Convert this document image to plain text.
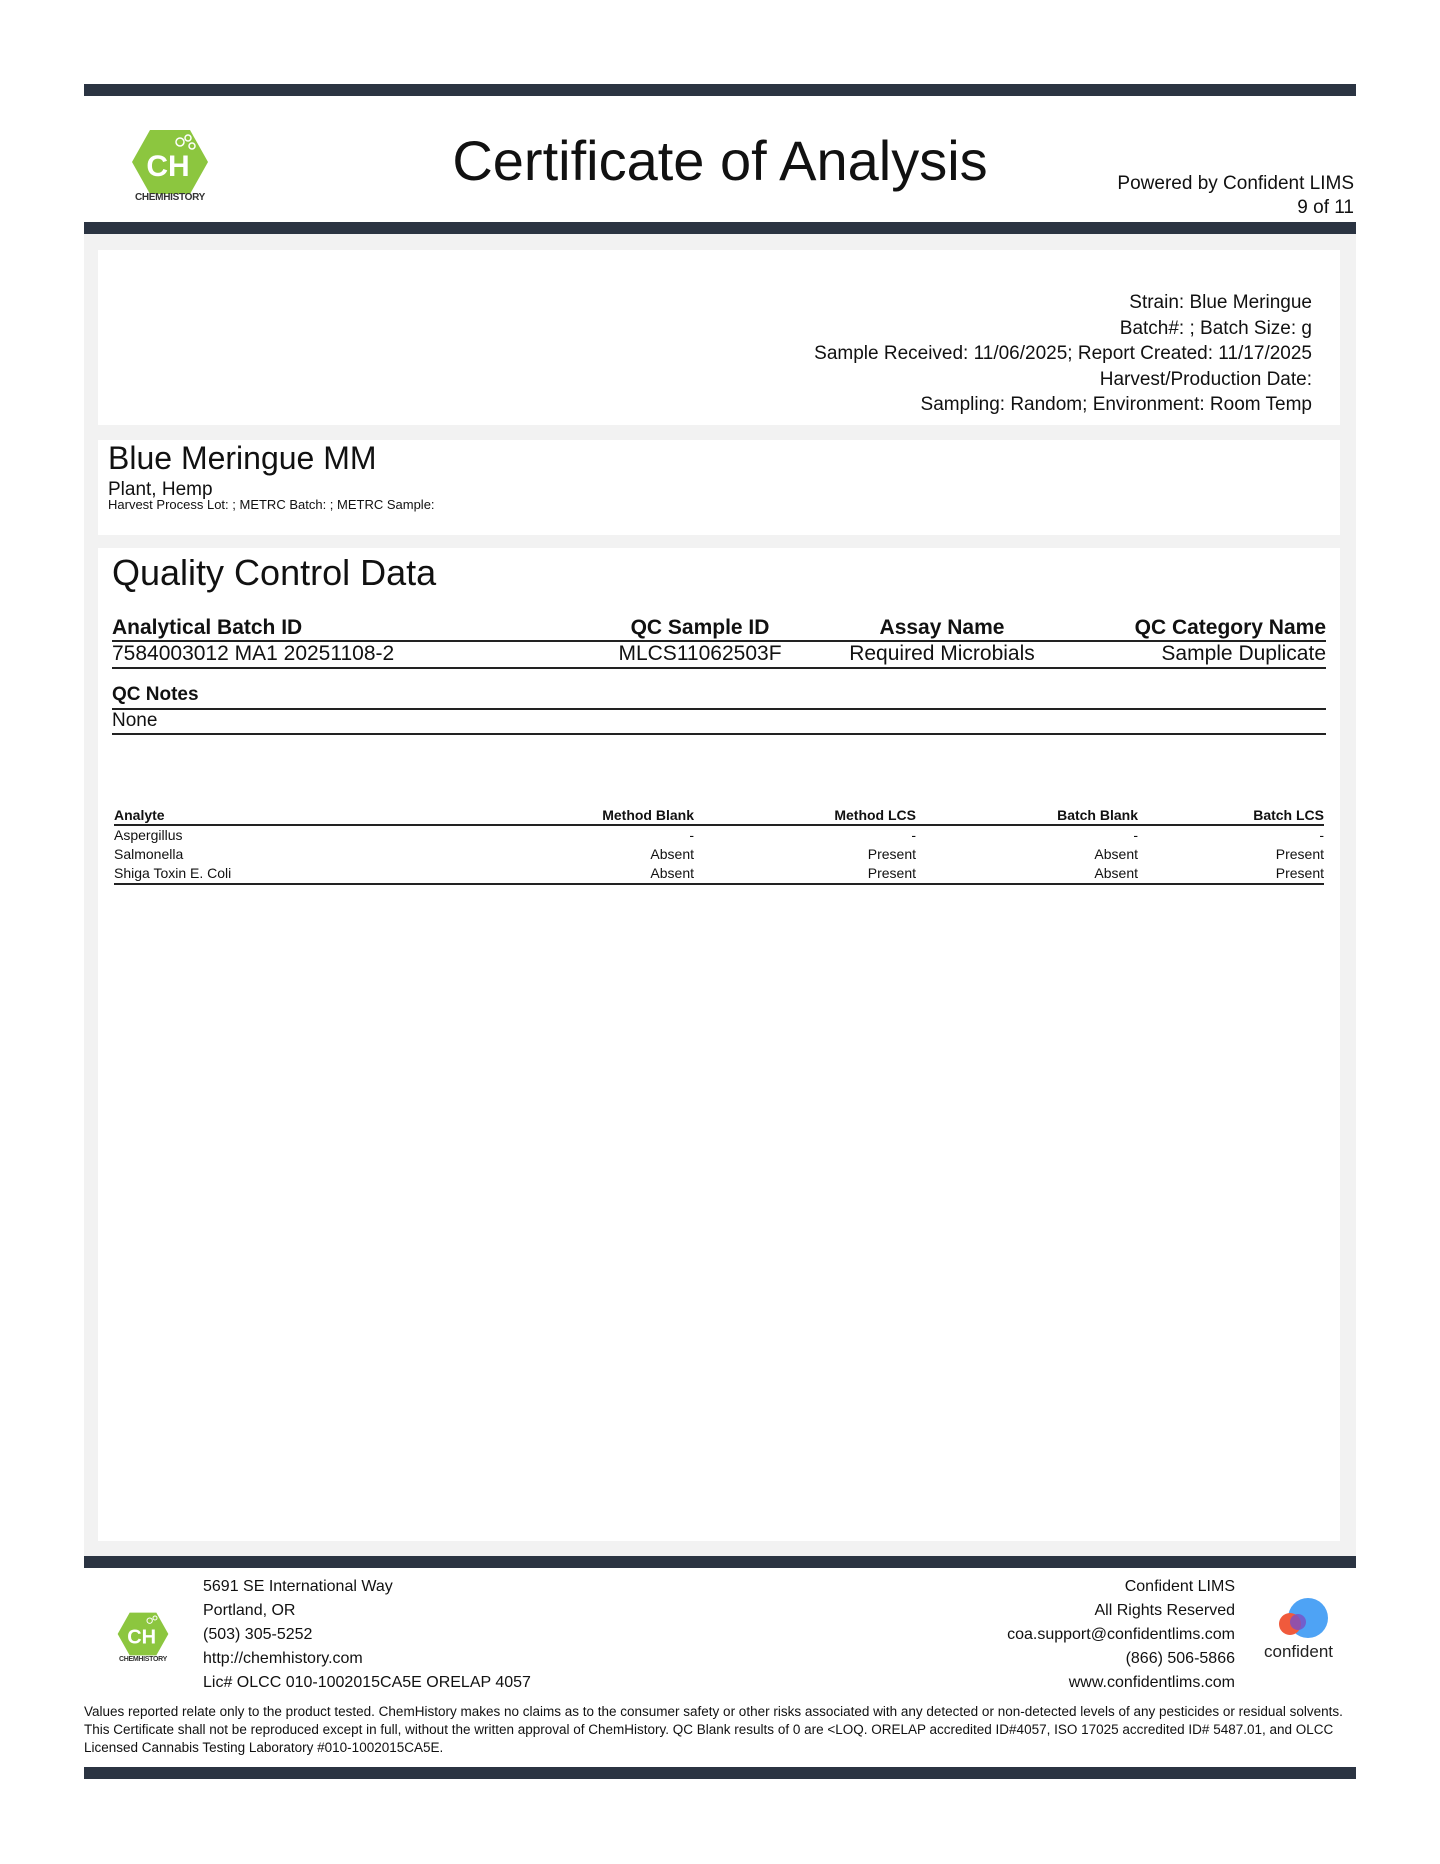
CH
CHEMHISTORY
Certificate of Analysis	Powered by Confident LIMS
9 of 11
Strain: Blue Meringue
Batch#: ; Batch Size: g
Sample Received: 11/06/2025; Report Created: 11/17/2025
Harvest/Production Date:
Sampling: Random; Environment: Room Temp
Blue Meringue MM
Plant, Hemp
Harvest Process Lot: ; METRC Batch: ; METRC Sample:
Quality Control Data
Analytical Batch ID	QC Sample ID	Assay Name	QC Category Name
7584003012 MA1 20251108-2	MLCS11062503F	Required Microbials	Sample Duplicate
QC Notes
None
Analyte	Method Blank	Method LCS	Batch Blank	Batch LCS
Aspergillus	-	-	-	-
Salmonella	Absent	Present	Absent	Present
Shiga Toxin E. Coli	Absent	Present	Absent	Present
CH
CHEMHISTORY
5691 SE International Way
Portland, OR
(503) 305-5252
http://chemhistory.com
Lic# OLCC 010-1002015CA5E ORELAP 4057
Confident LIMS
All Rights Reserved
coa.support@confidentlims.com
(866) 506-5866
www.confidentlims.com
confident
Values reported relate only to the product tested. ChemHistory makes no claims as to the consumer safety or other risks associated with any detected or non-detected levels of any pesticides or residual solvents. This Certificate shall not be reproduced except in full, without the written approval of ChemHistory. QC Blank results of 0 are <LOQ. ORELAP accredited ID#4057, ISO 17025 accredited ID# 5487.01, and OLCC Licensed Cannabis Testing Laboratory #010-1002015CA5E.
